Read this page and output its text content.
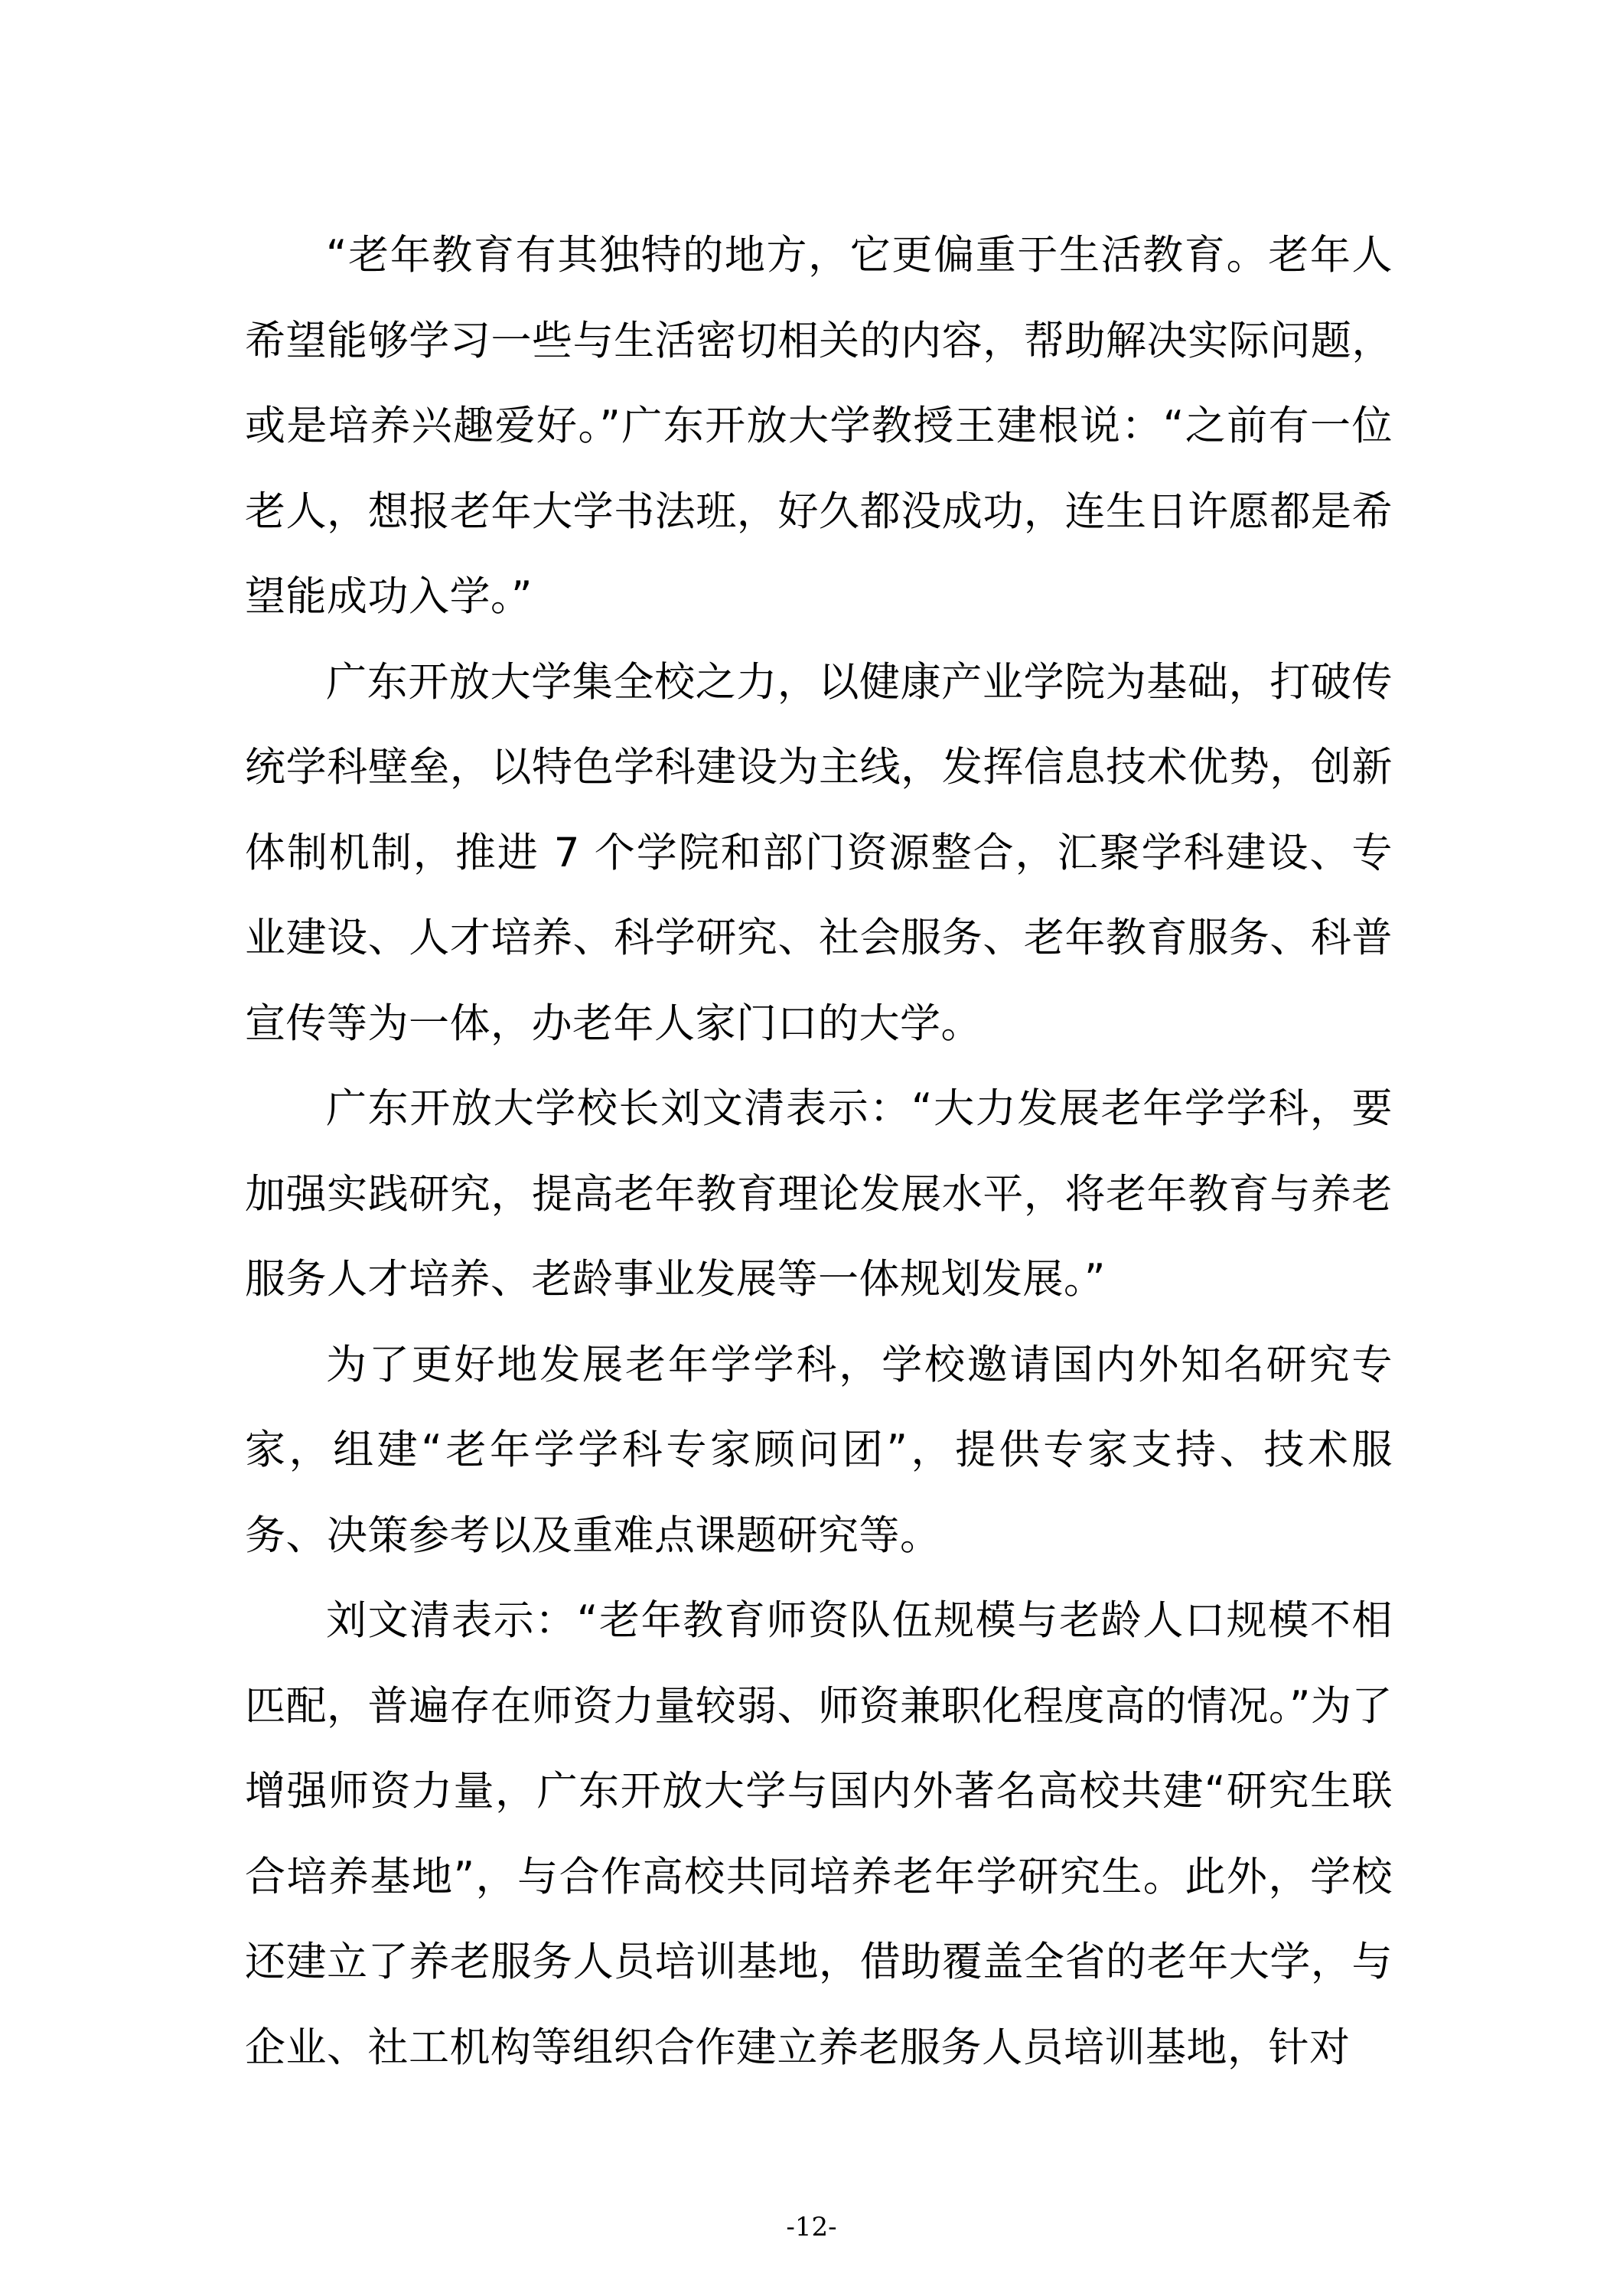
“老年教育有其独特的地方，它更偏重于生活教育。老年人希望能够学习一些与生活密切相关的内容，帮助解决实际问题，或是培养兴趣爱好。”广东开放大学教授王建根说：“之前有一位老人，想报老年大学书法班，好久都没成功，连生日许愿都是希望能成功入学。”

广东开放大学集全校之力，以健康产业学院为基础，打破传统学科壁垒，以特色学科建设为主线，发挥信息技术优势，创新体制机制，推进 7 个学院和部门资源整合，汇聚学科建设、专业建设、人才培养、科学研究、社会服务、老年教育服务、科普宣传等为一体，办老年人家门口的大学。

广东开放大学校长刘文清表示：“大力发展老年学学科，要加强实践研究，提高老年教育理论发展水平，将老年教育与养老服务人才培养、老龄事业发展等一体规划发展。”

为了更好地发展老年学学科，学校邀请国内外知名研究专家，组建“老年学学科专家顾问团”，提供专家支持、技术服务、决策参考以及重难点课题研究等。

刘文清表示：“老年教育师资队伍规模与老龄人口规模不相匹配，普遍存在师资力量较弱、师资兼职化程度高的情况。”为了增强师资力量，广东开放大学与国内外著名高校共建“研究生联合培养基地”，与合作高校共同培养老年学研究生。此外，学校还建立了养老服务人员培训基地，借助覆盖全省的老年大学，与企业、社工机构等组织合作建立养老服务人员培训基地，针对

-12-
